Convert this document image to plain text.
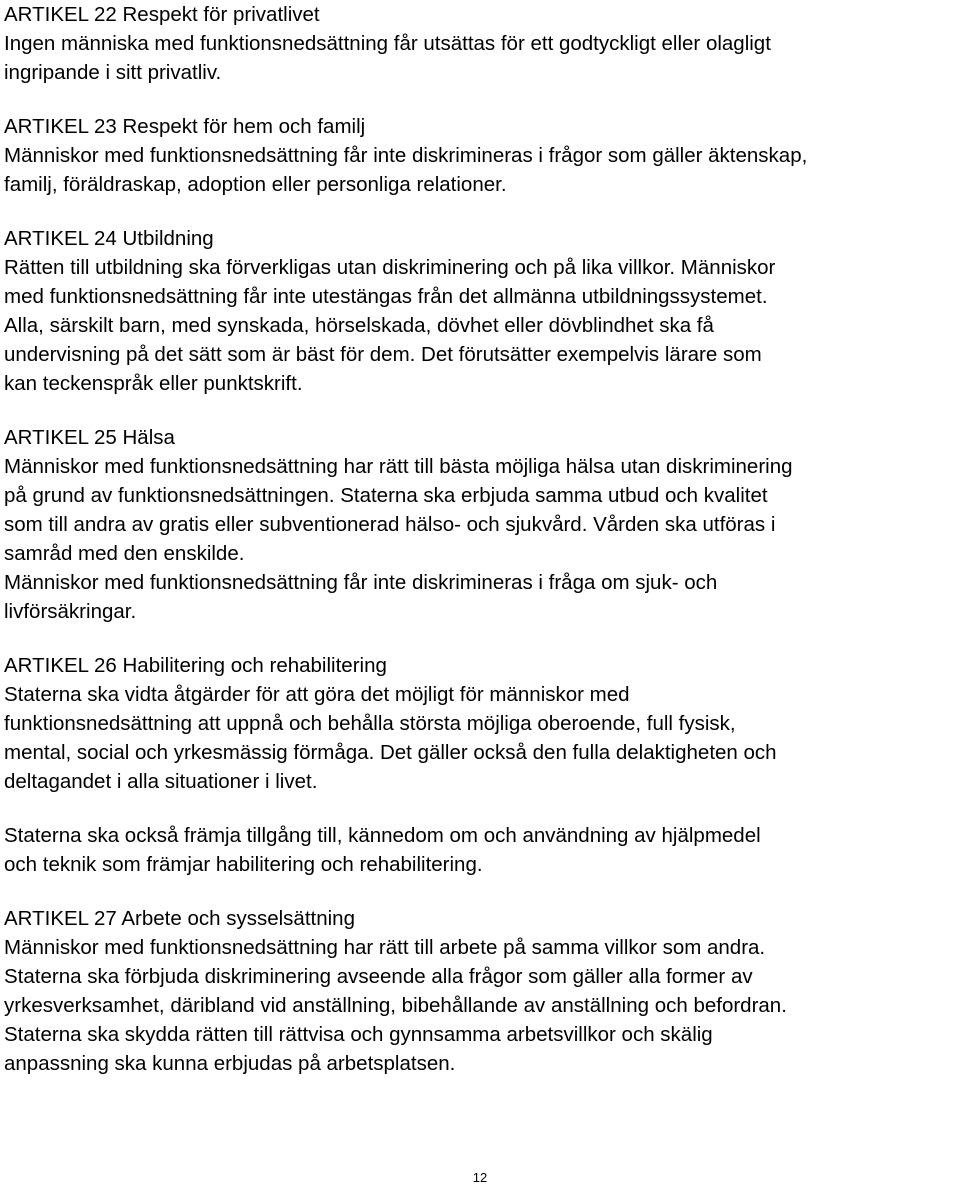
ARTIKEL 22 Respekt för privatlivet
Ingen människa med funktionsnedsättning får utsättas för ett godtyckligt eller olagligt
ingripande i sitt privatliv.
ARTIKEL 23 Respekt för hem och familj
Människor med funktionsnedsättning får inte diskrimineras i frågor som gäller äktenskap,
familj, föräldraskap, adoption eller personliga relationer.
ARTIKEL 24 Utbildning
Rätten till utbildning ska förverkligas utan diskriminering och på lika villkor. Människor
med funktionsnedsättning får inte utestängas från det allmänna utbildningssystemet.
Alla, särskilt barn, med synskada, hörselskada, dövhet eller dövblindhet ska få
undervisning på det sätt som är bäst för dem. Det förutsätter exempelvis lärare som
kan teckenspråk eller punktskrift.
ARTIKEL 25 Hälsa
Människor med funktionsnedsättning har rätt till bästa möjliga hälsa utan diskriminering
på grund av funktionsnedsättningen. Staterna ska erbjuda samma utbud och kvalitet
som till andra av gratis eller subventionerad hälso- och sjukvård. Vården ska utföras i
samråd med den enskilde.
Människor med funktionsnedsättning får inte diskrimineras i fråga om sjuk- och
livförsäkringar.
ARTIKEL 26 Habilitering och rehabilitering
Staterna ska vidta åtgärder för att göra det möjligt för människor med
funktionsnedsättning att uppnå och behålla största möjliga oberoende, full fysisk,
mental, social och yrkesmässig förmåga. Det gäller också den fulla delaktigheten och
deltagandet i alla situationer i livet.
Staterna ska också främja tillgång till, kännedom om och användning av hjälpmedel
och teknik som främjar habilitering och rehabilitering.
ARTIKEL 27 Arbete och sysselsättning
Människor med funktionsnedsättning har rätt till arbete på samma villkor som andra.
Staterna ska förbjuda diskriminering avseende alla frågor som gäller alla former av
yrkesverksamhet, däribland vid anställning, bibehållande av anställning och befordran.
Staterna ska skydda rätten till rättvisa och gynnsamma arbetsvillkor och skälig
anpassning ska kunna erbjudas på arbetsplatsen.
12
